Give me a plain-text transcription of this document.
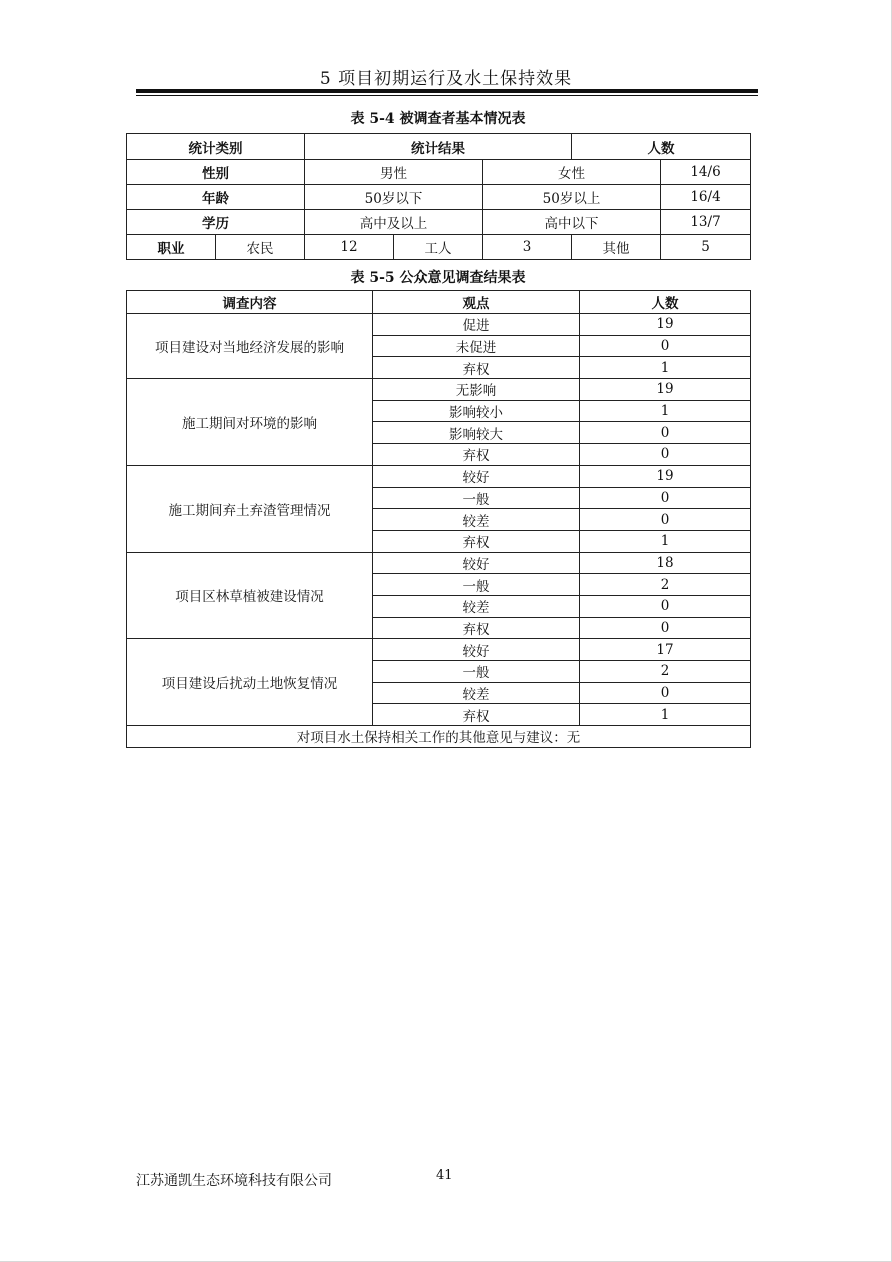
5 项目初期运行及水土保持效果
表 5-4 被调查者基本情况表
统计类别		统计结果			人数	
性别		男性		女性		14/6
年龄		50岁以下		50岁以上		16/4
学历		高中及以上		高中以下		13/7
职业	农民	12	工人	3	其他	5
表 5-5 公众意见调查结果表
调查内容	观点	人数
项目建设对当地经济发展的影响	促进	19
	未促进	0
	弃权	1
施工期间对环境的影响	无影响	19
	影响较小	1
	影响较大	0
	弃权	0
施工期间弃土弃渣管理情况	较好	19
	一般	0
	较差	0
	弃权	1
项目区林草植被建设情况	较好	18
	一般	2
	较差	0
	弃权	0
项目建设后扰动土地恢复情况	较好	17
	一般	2
	较差	0
	弃权	1
对项目水土保持相关工作的其他意见与建议：无		
江苏通凯生态环境科技有限公司	41
